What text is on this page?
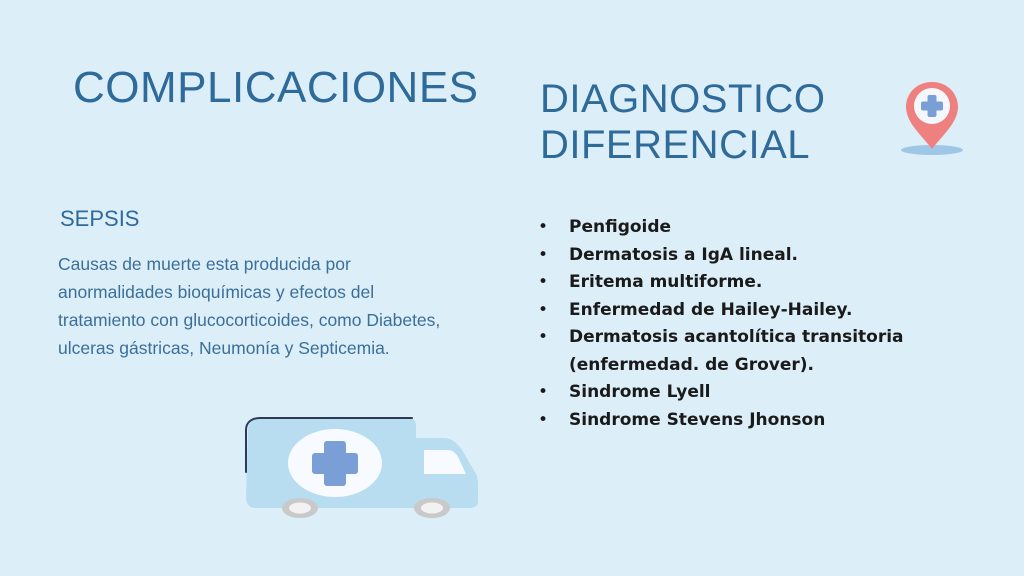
COMPLICACIONES DIAGNOSTICO
DIFERENCIAL
SEPSIS

Causas de muerte esta producida por anormalidades bioquímicas y efectos del tratamiento con glucocorticoides, como Diabetes, ulceras gástricas, Neumonía y Septicemia.

• Penfigoide
• Dermatosis a IgA lineal.
• Eritema multiforme.
• Enfermedad de Hailey-Hailey.
• Dermatosis acantolítica transitoria (enfermedad. de Grover).
• Sindrome Lyell
• Sindrome Stevens Jhonson
